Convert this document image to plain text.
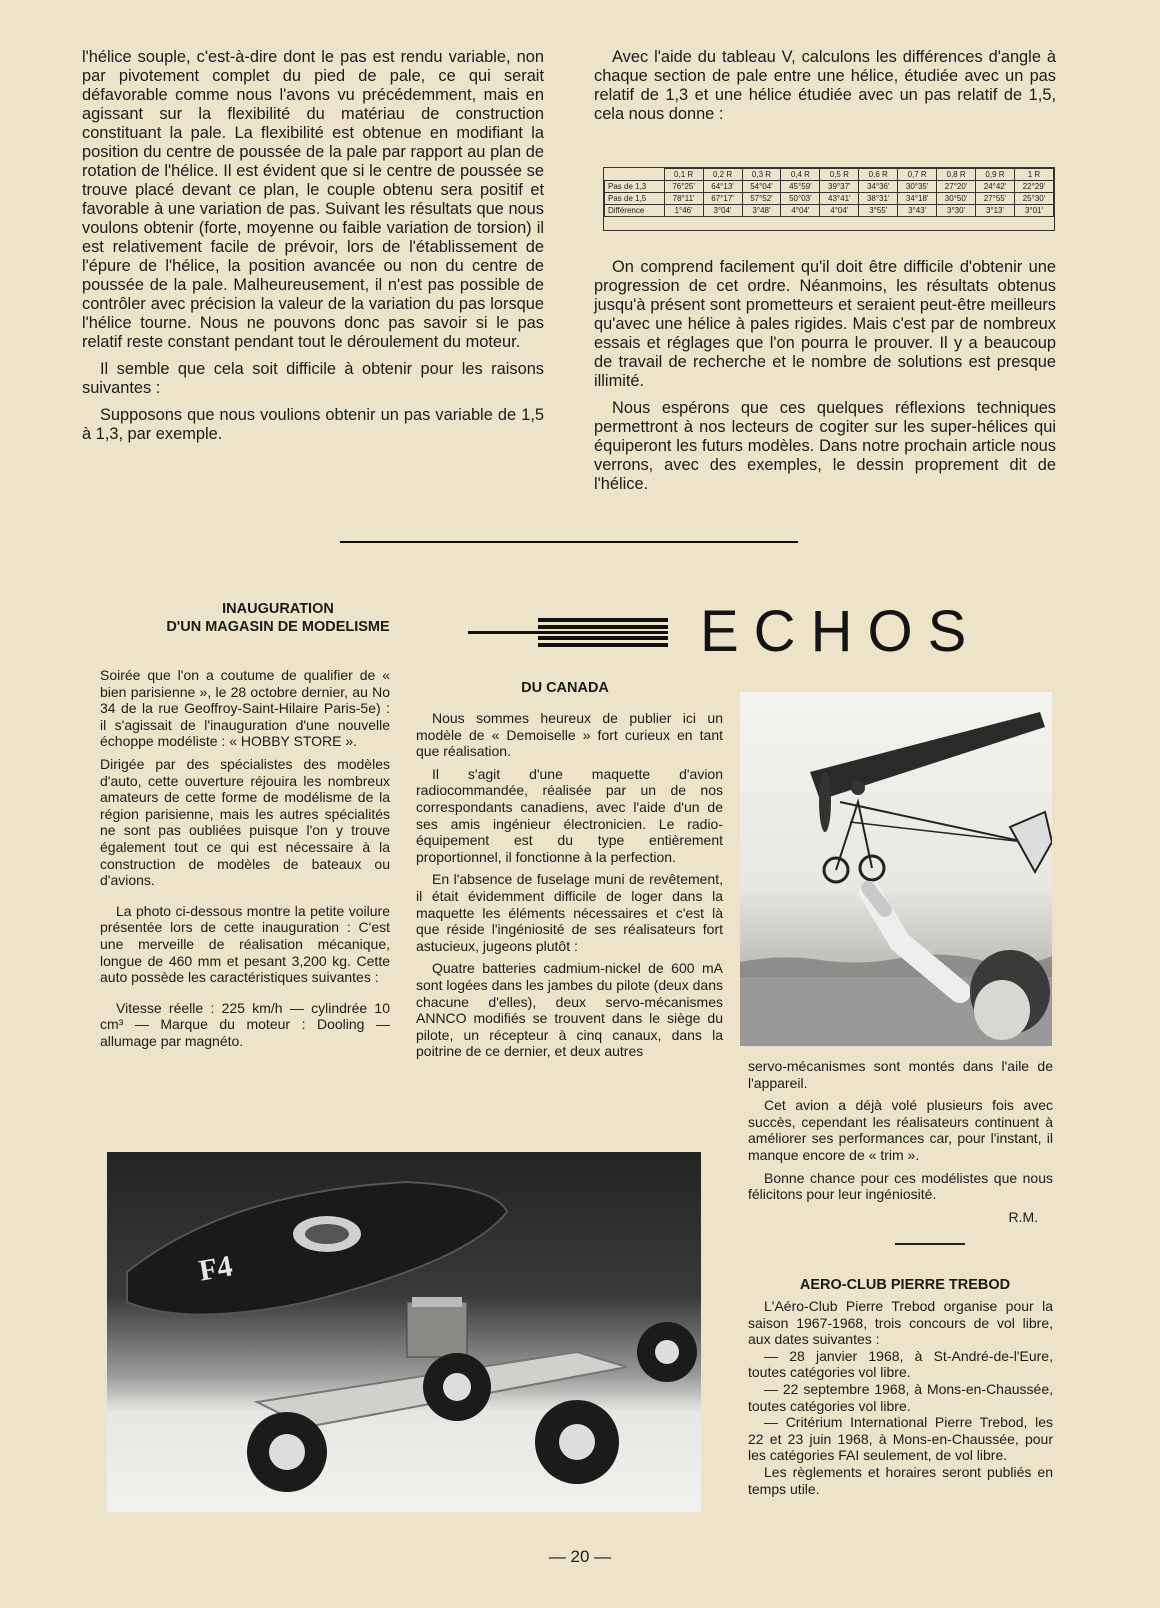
l'hélice souple, c'est-à-dire dont le pas est rendu variable, non par pivotement complet du pied de pale, ce qui serait défavorable comme nous l'avons vu précédemment, mais en agissant sur la flexibilité du matériau de construction constituant la pale. La flexibilité est obtenue en modifiant la position du centre de poussée de la pale par rapport au plan de rotation de l'hélice. Il est évident que si le centre de poussée se trouve placé devant ce plan, le couple obtenu sera positif et favorable à une variation de pas. Suivant les résultats que nous voulons obtenir (forte, moyenne ou faible variation de torsion) il est relativement facile de prévoir, lors de l'établissement de l'épure de l'hélice, la position avancée ou non du centre de poussée de la pale. Malheureusement, il n'est pas possible de contrôler avec précision la valeur de la variation du pas lorsque l'hélice tourne. Nous ne pouvons donc pas savoir si le pas relatif reste constant pendant tout le déroulement du moteur.

Il semble que cela soit difficile à obtenir pour les raisons suivantes :

Supposons que nous voulions obtenir un pas variable de 1,5 à 1,3, par exemple.

Avec l'aide du tableau V, calculons les différences d'angle à chaque section de pale entre une hélice, étudiée avec un pas relatif de 1,3 et une hélice étudiée avec un pas relatif de 1,5, cela nous donne :

	0,1 R	0,2 R	0,3 R	0,4 R	0,5 R	0,6 R	0,7 R	0,8 R	0,9 R	1 R
Pas de 1,3	76°25'	64°13'	54°04'	45°59'	39°37'	34°36'	30°35'	27°20'	24°42'	22°29'
Pas de 1,5	78°11'	67°17'	57°52'	50°03'	43°41'	38°31'	34°18'	30°50'	27°55'	25°30'
Différence	1°46'	3°04'	3°48'	4°04'	4°04'	3°55'	3°43'	3°30'	3°13'	3°01'

On comprend facilement qu'il doit être difficile d'obtenir une progression de cet ordre. Néanmoins, les résultats obtenus jusqu'à présent sont prometteurs et seraient peut-être meilleurs qu'avec une hélice à pales rigides. Mais c'est par de nombreux essais et réglages que l'on pourra le prouver. Il y a beaucoup de travail de recherche et le nombre de solutions est presque illimité.

Nous espérons que ces quelques réflexions techniques permettront à nos lecteurs de cogiter sur les super-hélices qui équiperont les futurs modèles. Dans notre prochain article nous verrons, avec des exemples, le dessin proprement dit de l'hélice.

ECHOS
INAUGURATION
D'UN MAGASIN DE MODELISME

Soirée que l'on a coutume de qualifier de « bien parisienne », le 28 octobre dernier, au No 34 de la rue Geoffroy-Saint-Hilaire Paris-5e) : il s'agissait de l'inauguration d'une nouvelle échoppe modéliste : « HOBBY STORE ».

Dirigée par des spécialistes des modèles d'auto, cette ouverture réjouira les nombreux amateurs de cette forme de modélisme de la région parisienne, mais les autres spécialités ne sont pas oubliées puisque l'on y trouve également tout ce qui est nécessaire à la construction de modèles de bateaux ou d'avions.

La photo ci-dessous montre la petite voilure présentée lors de cette inauguration : C'est une merveille de réalisation mécanique, longue de 460 mm et pesant 3,200 kg. Cette auto possède les caractéristiques suivantes :

Vitesse réelle : 225 km/h — cylindrée 10 cm³ — Marque du moteur : Dooling — allumage par magnéto.

DU CANADA

Nous sommes heureux de publier ici un modèle de « Demoiselle » fort curieux en tant que réalisation.

Il s'agit d'une maquette d'avion radiocommandée, réalisée par un de nos correspondants canadiens, avec l'aide d'un de ses amis ingénieur électronicien. Le radio-équipement est du type entièrement proportionnel, il fonctionne à la perfection.

En l'absence de fuselage muni de revêtement, il était évidemment difficile de loger dans la maquette les éléments nécessaires et c'est là que réside l'ingéniosité de ses réalisateurs fort astucieux, jugeons plutôt :

Quatre batteries cadmium-nickel de 600 mA sont logées dans les jambes du pilote (deux dans chacune d'elles), deux servo-mécanismes ANNCO modifiés se trouvent dans le siège du pilote, un récepteur à cinq canaux, dans la poitrine de ce dernier, et deux autres

servo-mécanismes sont montés dans l'aile de l'appareil.

Cet avion a déjà volé plusieurs fois avec succès, cependant les réalisateurs continuent à améliorer ses performances car, pour l'instant, il manque encore de « trim ».

Bonne chance pour ces modélistes que nous félicitons pour leur ingéniosité.

R.M.
AERO-CLUB PIERRE TREBOD

L'Aéro-Club Pierre Trebod organise pour la saison 1967-1968, trois concours de vol libre, aux dates suivantes :

— 28 janvier 1968, à St-André-de-l'Eure, toutes catégories vol libre.

— 22 septembre 1968, à Mons-en-Chaussée, toutes catégories vol libre.

— Critérium International Pierre Trebod, les 22 et 23 juin 1968, à Mons-en-Chaussée, pour les catégories FAI seulement, de vol libre.

Les règlements et horaires seront publiés en temps utile.

F4
— 20 —
